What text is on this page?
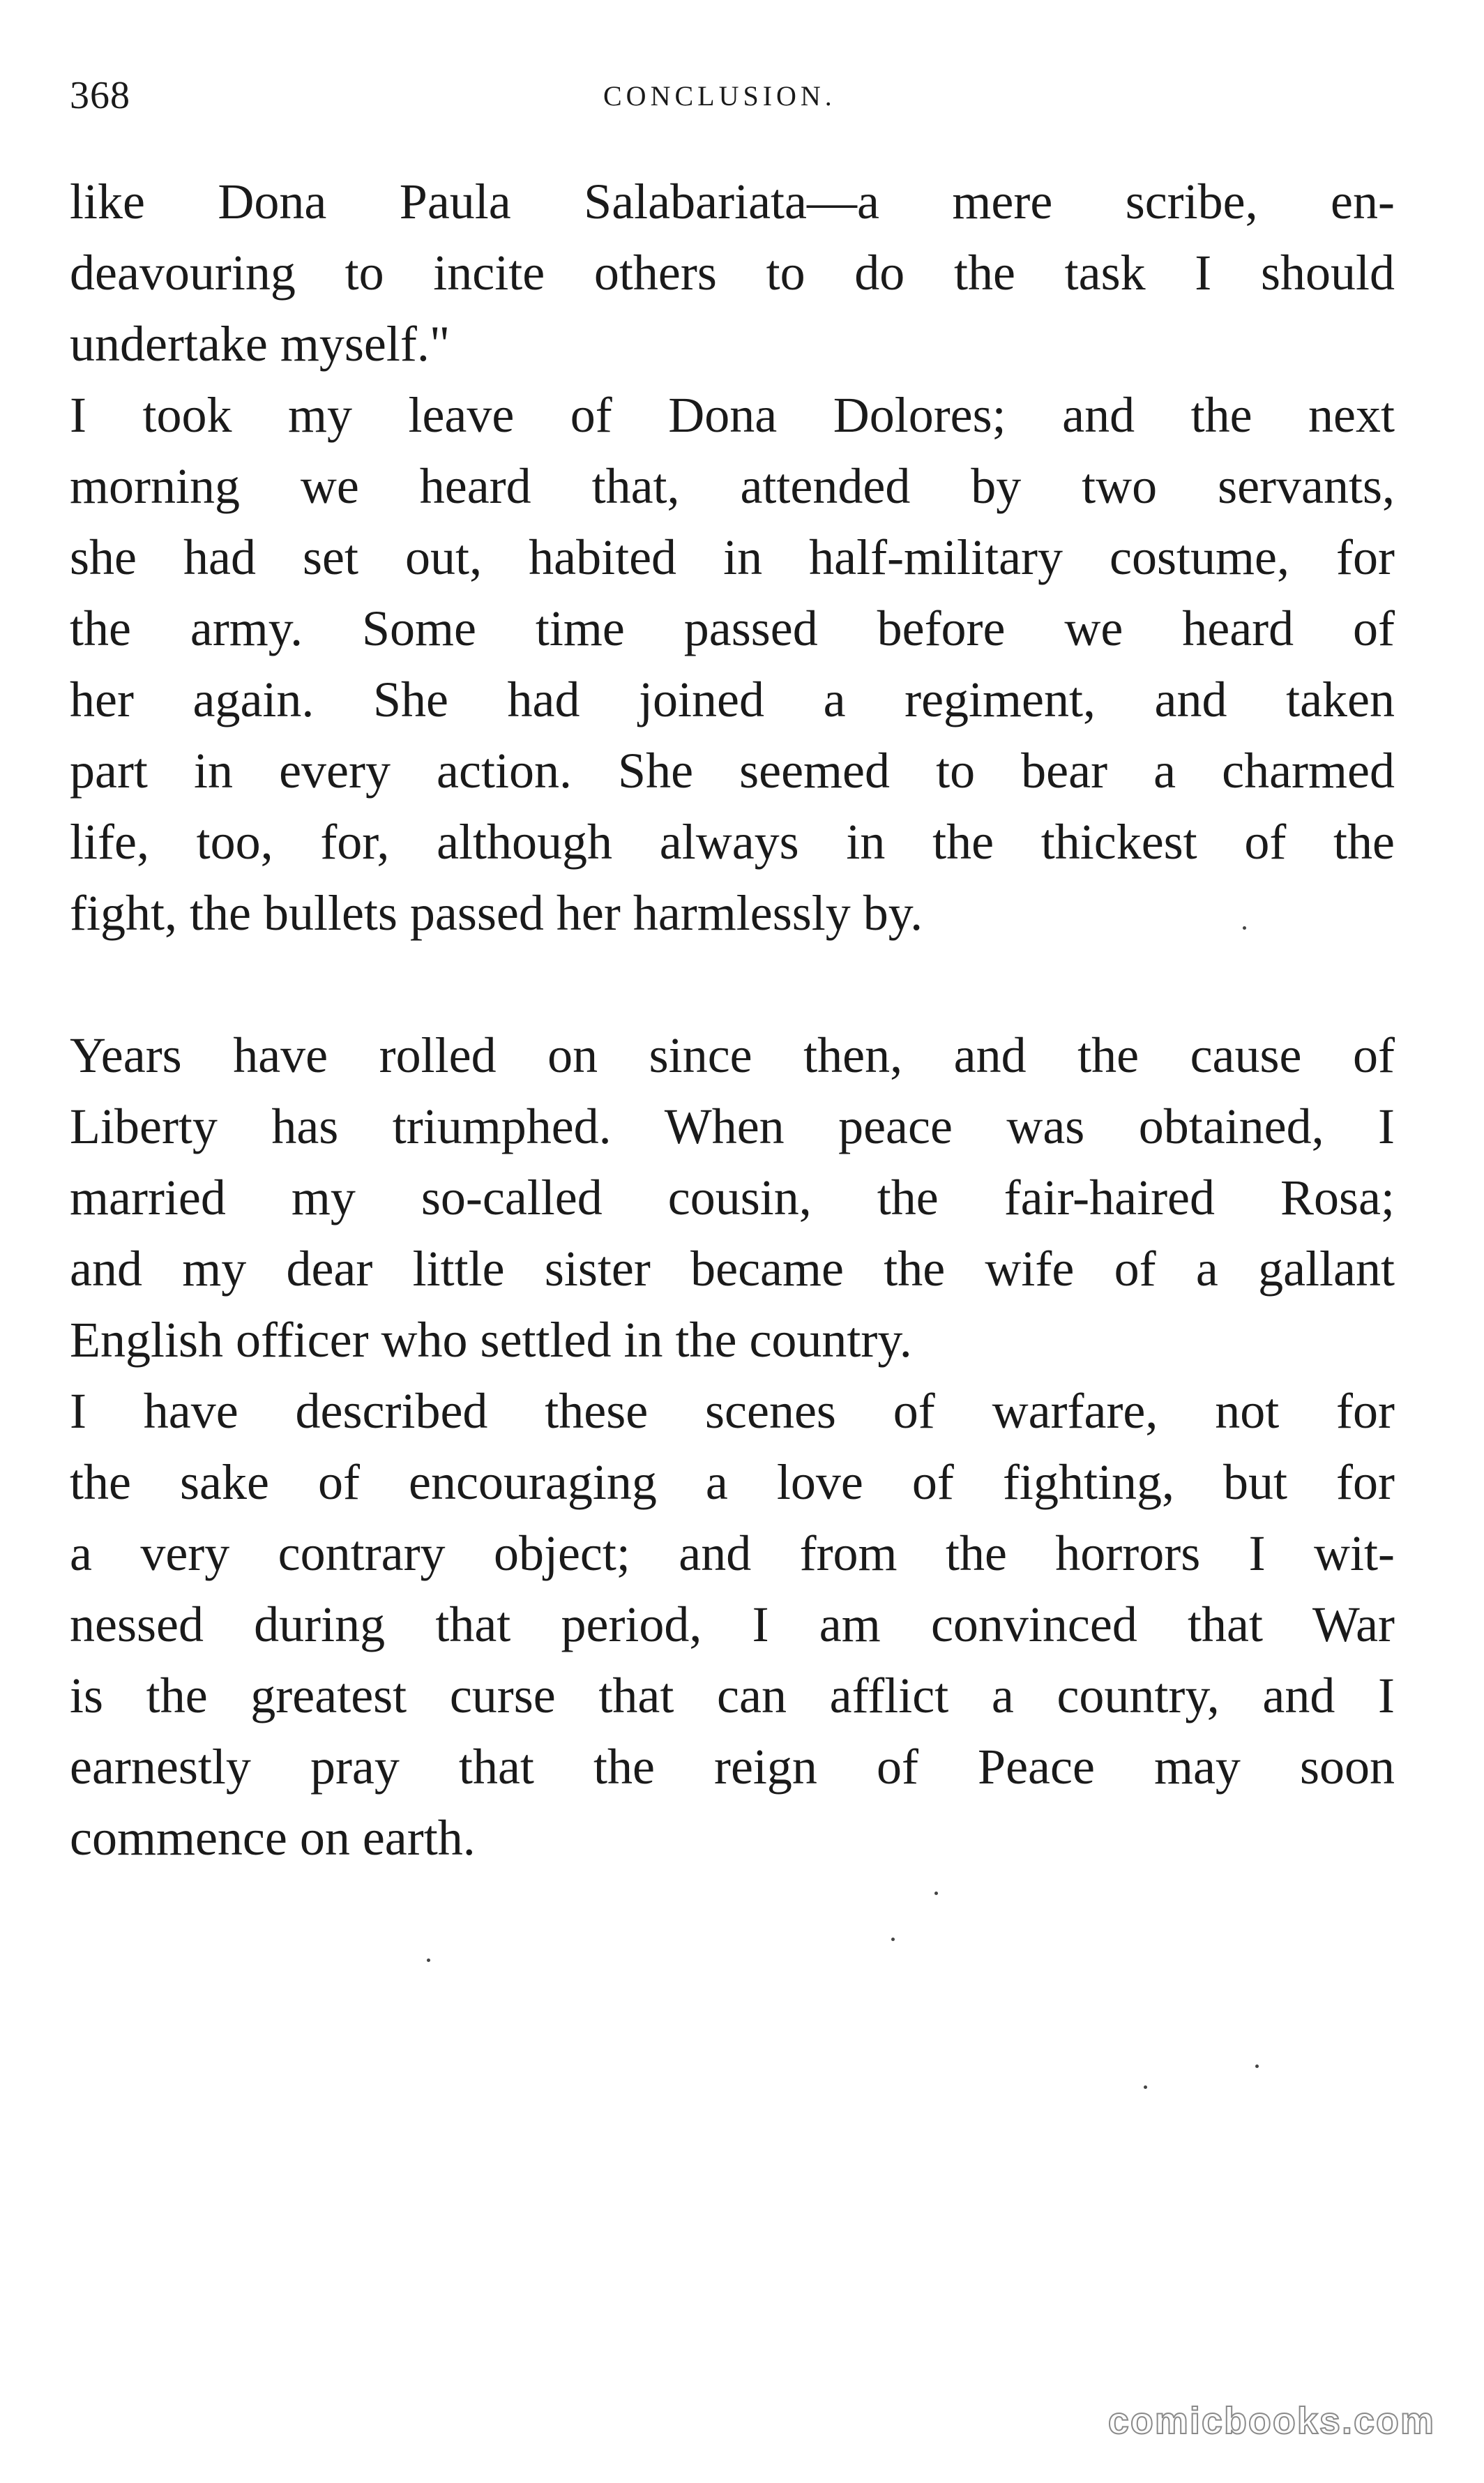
368	CONCLUSION.

like Dona Paula Salabariata—a mere scribe, en-
deavouring to incite others to do the task I should
undertake myself."

I took my leave of Dona Dolores; and the next
morning we heard that, attended by two servants,
she had set out, habited in half-military costume, for
the army. Some time passed before we heard of
her again. She had joined a regiment, and taken
part in every action. She seemed to bear a charmed
life, too, for, although always in the thickest of the
fight, the bullets passed her harmlessly by.

Years have rolled on since then, and the cause of
Liberty has triumphed. When peace was obtained, I
married my so-called cousin, the fair-haired Rosa;
and my dear little sister became the wife of a gallant
English officer who settled in the country.

I have described these scenes of warfare, not for
the sake of encouraging a love of fighting, but for
a very contrary object; and from the horrors I wit-
nessed during that period, I am convinced that War
is the greatest curse that can afflict a country, and I
earnestly pray that the reign of Peace may soon
commence on earth.

comicbooks.com
